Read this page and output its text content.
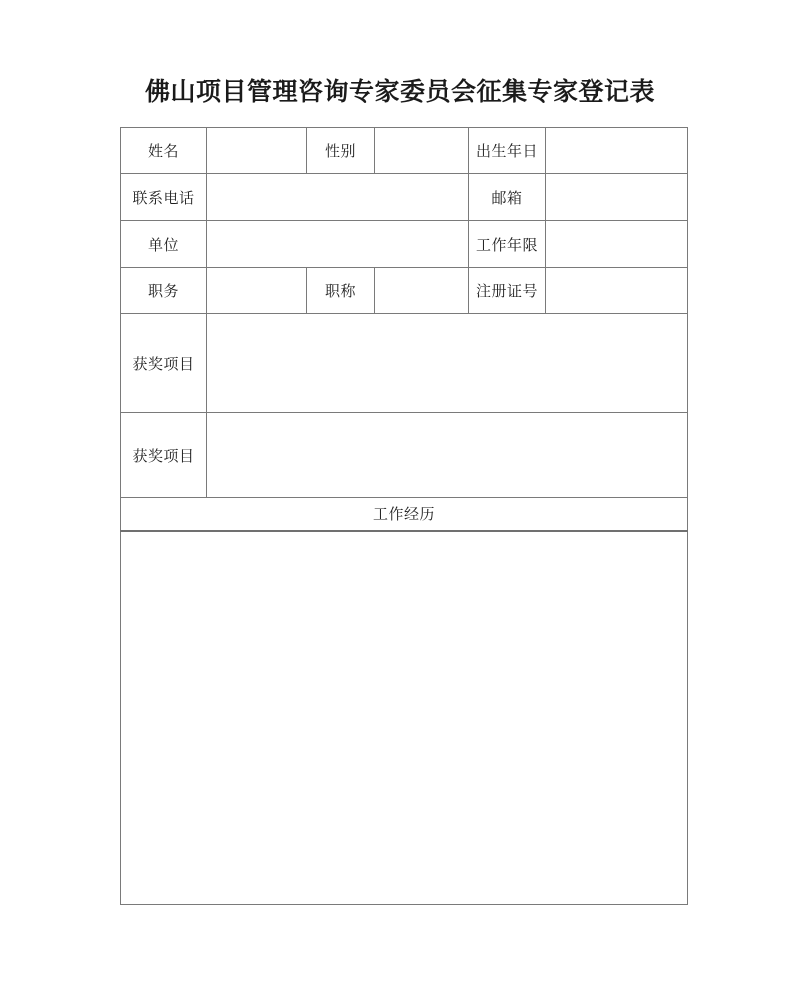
佛山项目管理咨询专家委员会征集专家登记表
姓名		性别		出生年日	
联系电话				邮箱	
单位				工作年限	
职务		职称		注册证号	
获奖项目					
获奖项目					
工作经历					
